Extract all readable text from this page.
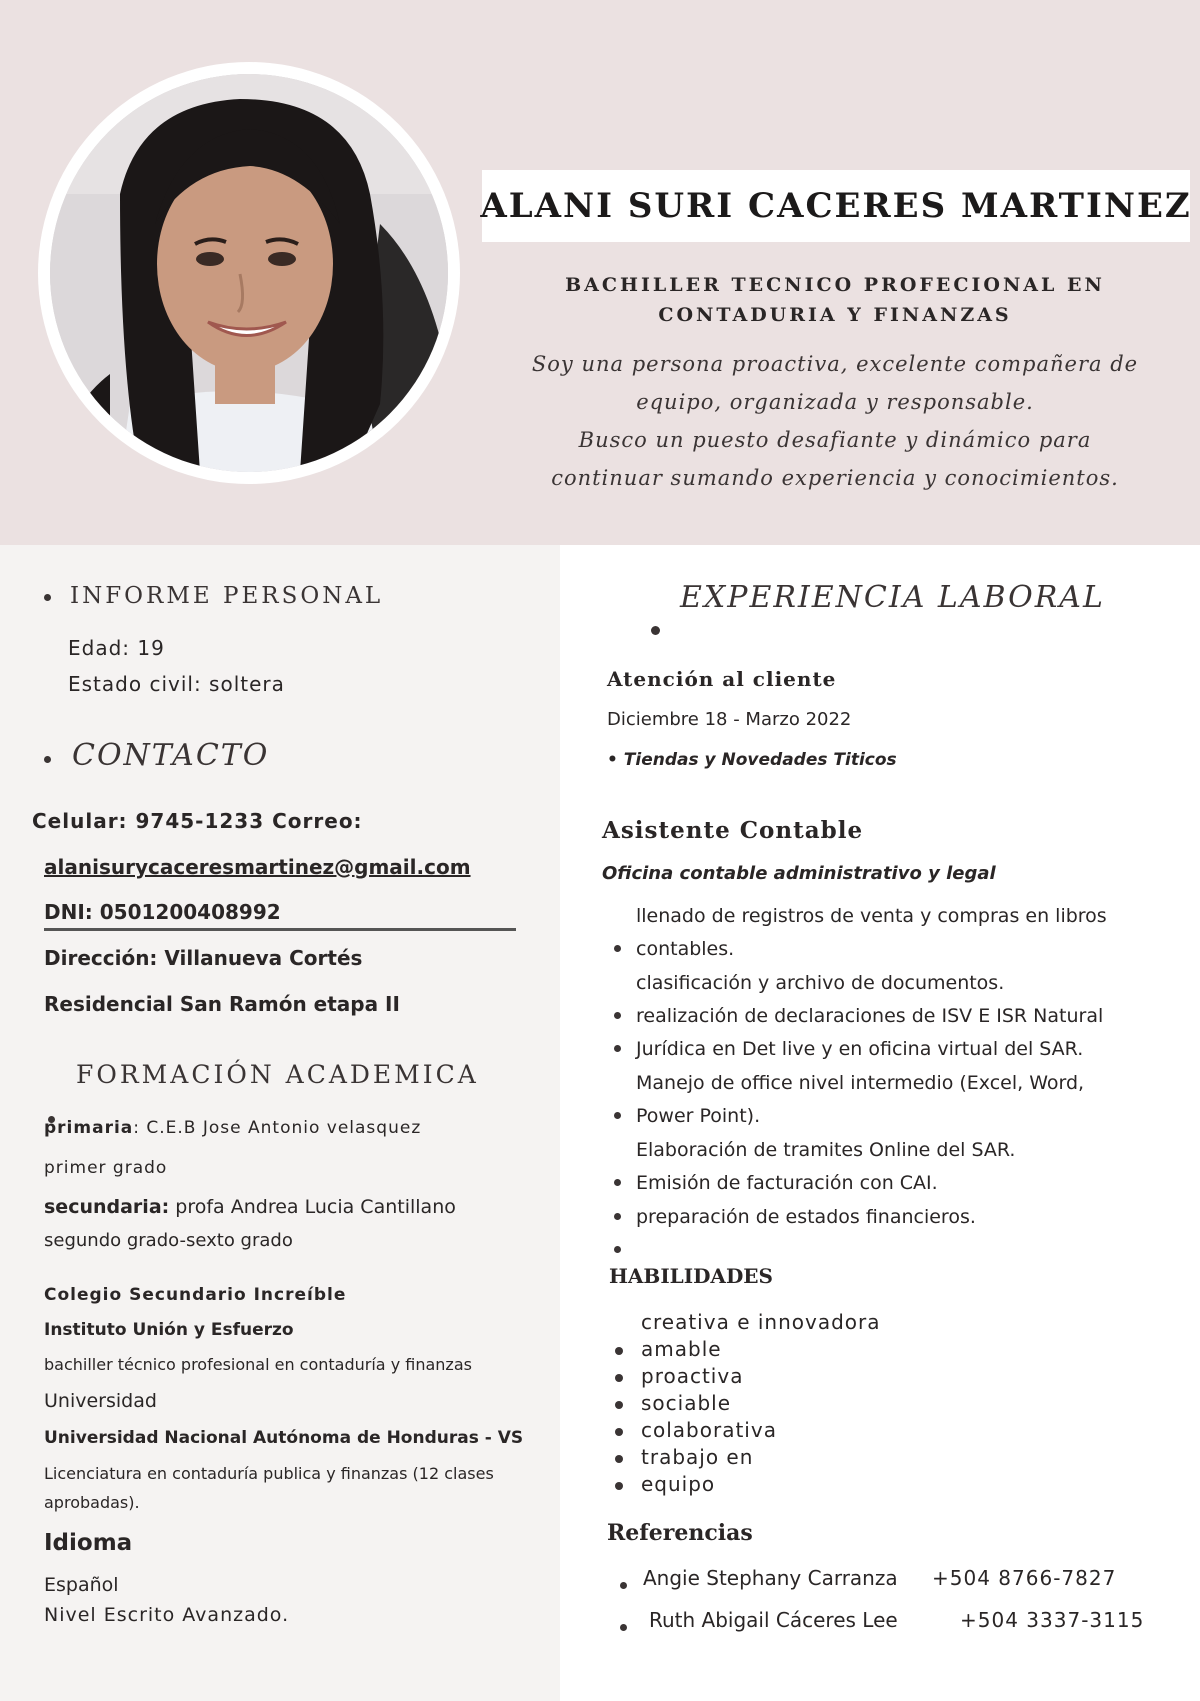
ALANI SURI CACERES MARTINEZ
BACHILLER TECNICO PROFECIONAL EN
CONTADURIA Y FINANZAS
Soy una persona proactiva, excelente compañera de
equipo, organizada y responsable.
Busco un puesto desafiante y dinámico para
continuar sumando experiencia y conocimientos.
INFORME PERSONAL
Edad: 19
Estado civil: soltera
CONTACTO
Celular: 9745-1233 Correo:
alanisurycaceresmartinez@gmail.com
DNI: 0501200408992
Dirección: Villanueva Cortés
Residencial San Ramón etapa II
FORMACIÓN ACADEMICA
primaria: C.E.B Jose Antonio velasquez
primer grado
secundaria: profa Andrea Lucia Cantillano
segundo grado-sexto grado
Colegio Secundario Increíble
Instituto Unión y Esfuerzo
bachiller técnico profesional en contaduría y finanzas
Universidad
Universidad Nacional Autónoma de Honduras - VS
Licenciatura en contaduría publica y finanzas (12 clases
aprobadas).
Idioma
Español
Nivel Escrito Avanzado.
EXPERIENCIA LABORAL
Atención al cliente
Diciembre 18 - Marzo 2022
• Tiendas y Novedades Titicos
Asistente Contable
Oficina contable administrativo y legal
llenado de registros de venta y compras en libros
contables.
clasificación y archivo de documentos.
realización de declaraciones de ISV E ISR Natural
Jurídica en Det live y en oficina virtual del SAR.
Manejo de office nivel intermedio (Excel, Word,
Power Point).
Elaboración de tramites Online del SAR.
Emisión de facturación con CAI.
preparación de estados financieros.
HABILIDADES
creativa e innovadora
amable
proactiva
sociable
colaborativa
trabajo en
equipo
Referencias
Angie Stephany Carranza +504 8766-7827
Ruth Abigail Cáceres Lee	+504 3337-3115
